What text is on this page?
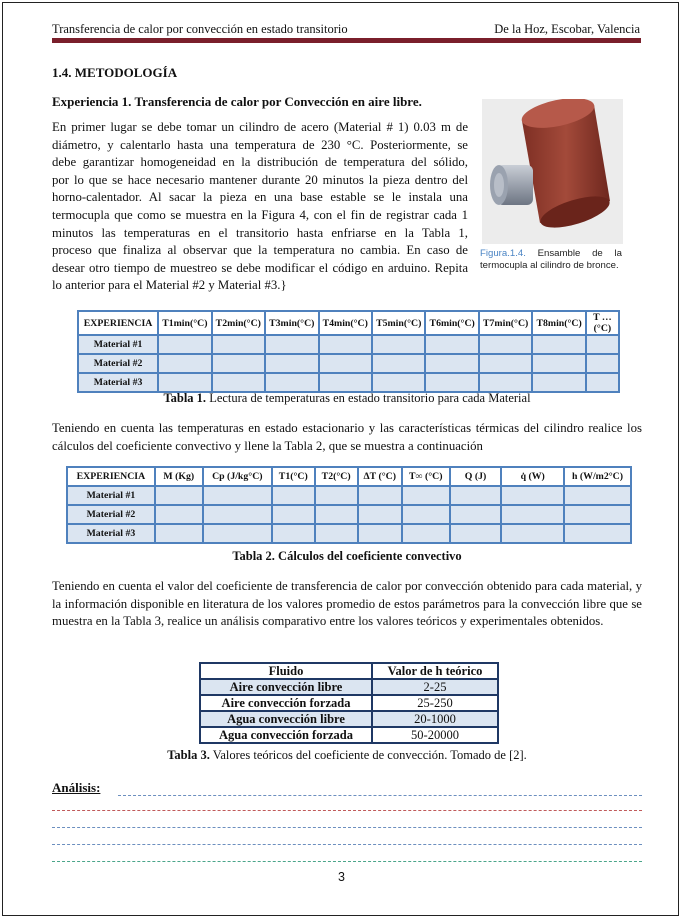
Transferencia de calor por convección en estado transitorio	De la Hoz, Escobar, Valencia
1.4. METODOLOGÍA
Experiencia 1. Transferencia de calor por Convección en aire libre.
En primer lugar se debe tomar un cilindro de acero (Material # 1) 0.03 m de
diámetro, y calentarlo hasta una temperatura de 230 °C. Posteriormente, se
debe garantizar homogeneidad en la distribución de temperatura del sólido,
por lo que se hace necesario mantener durante 20 minutos la pieza dentro del
horno-calentador. Al sacar la pieza en una base estable se le instala una
termocupla que como se muestra en la Figura 4, con el fin de registrar cada 1
minutos las temperaturas en el transitorio hasta enfriarse en la Tabla 1,
proceso que finaliza al observar que la temperatura no cambia. En caso de
desear otro tiempo de muestreo se debe modificar el código en arduino. Repita
lo anterior para el Material #2 y Material #3.}
Figura.1.4. Ensamble de la termocupla al cilindro de bronce.
EXPERIENCIA	T1min(°C)	T2min(°C)	T3min(°C)	T4min(°C)	T5min(°C)	T6min(°C)	T7min(°C)	T8min(°C)	T … (°C)
Material #1									
Material #2									
Material #3									
Tabla 1. Lectura de temperaturas en estado transitorio para cada Material
Teniendo en cuenta las temperaturas en estado estacionario y las características térmicas del cilindro realice los cálculos del coeficiente convectivo y llene la Tabla 2, que se muestra a continuación
EXPERIENCIA	M (Kg)	Cp (J/kg°C)	T1(°C)	T2(°C)	ΔT (°C)	T∞ (°C)	Q (J)	q̇ (W)	h (W/m2°C)
Material #1									
Material #2									
Material #3									
Tabla 2. Cálculos del coeficiente convectivo
Teniendo en cuenta el valor del coeficiente de transferencia de calor por convección obtenido para cada material, y la información disponible en literatura de los valores promedio de estos parámetros para la convección libre que se muestra en la Tabla 3, realice un análisis comparativo entre los valores teóricos y experimentales obtenidos.
Fluido	Valor de h teórico
Aire convección libre	2-25
Aire convección forzada	25-250
Agua convección libre	20-1000
Agua convección forzada	50-20000
Tabla 3. Valores teóricos del coeficiente de convección. Tomado de [2].
Análisis:
3
